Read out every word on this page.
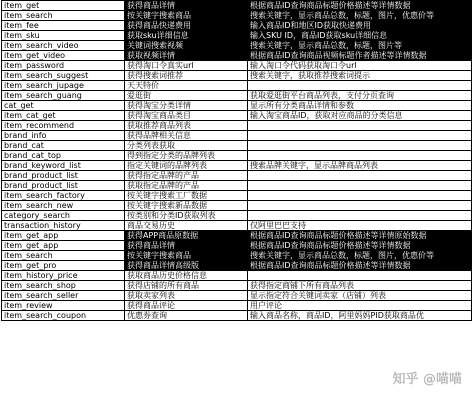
item_get	获得商品详情	根据商品ID查询商品标题价格描述等详情数据
item_search	按关键字搜索商品	搜索关键字，显示商品总数，标题，图片，优惠价等
item_fee	获得商品快递费用	输入商品ID和地区ID获取快递费用
item_sku	获取sku详细信息	输入SKU ID，商品ID获取sku详细信息
item_search_video	关键词搜索视频	搜索关键字，显示商品总数，标题，图片等
item_get_video	获取视频详情	根据商品ID查询商品视频标题作者描述等详情数据
item_password	获得淘口令真实url	输入淘口令代码获取淘口令url
item_search_suggest	获得搜索词推荐	搜索关键字，获取推荐搜索词提示
item_search_jupage	天天特价	
item_search_guang	爱逛街	获取爱逛街平台商品列表，支付分页查询
cat_get	获得淘宝分类详情	显示所有分类商品详情和参数
item_cat_get	获得淘宝商品类目	输入淘宝商品ID，获取对应商品的分类信息
item_recommend	获取推荐商品列表	
brand_info	获得品牌相关信息	
brand_cat	分类列表获取	
brand_cat_top	得到指定分类的品牌列表	
brand_keyword_list	指定关键词的品牌列表	搜索品牌关键字，显示品牌商品列表
brand_product_list	获得指定品牌的产品	
brand_product_list	获取指定品牌的产品	
item_search_factory	按关键字搜索工厂数据	
item_search_new	按关键字搜索新品数据	
category_search	按类别和分类ID获取列表	
transaction_history	商品交易历史	仅阿里巴巴支持
item_get_app	获得APP商品原数据	根据商品ID查询商品标题价格描述等详情原始数据
item_get_app	获得商品详情	根据商品ID查询商品标题价格描述等详情数据
item_search	按关键字搜索商品	搜索关键字，显示商品总数，标题，图片，优惠价等
item_get_pro	获得商品详情高级版	根据商品ID查询商品标题价格描述等详情数据
item_history_price	获取商品历史价格信息	
item_search_shop	获得店铺的所有商品	获得指定商铺下所有商品列表
item_search_seller	获取卖家列表	显示指定符合关键词卖家（店铺）列表
item_review	获得商品评论	用户评论
item_search_coupon	优惠券查询	输入商品名称，商品ID，阿里妈妈PID获取商品优
知乎 @喵喵
